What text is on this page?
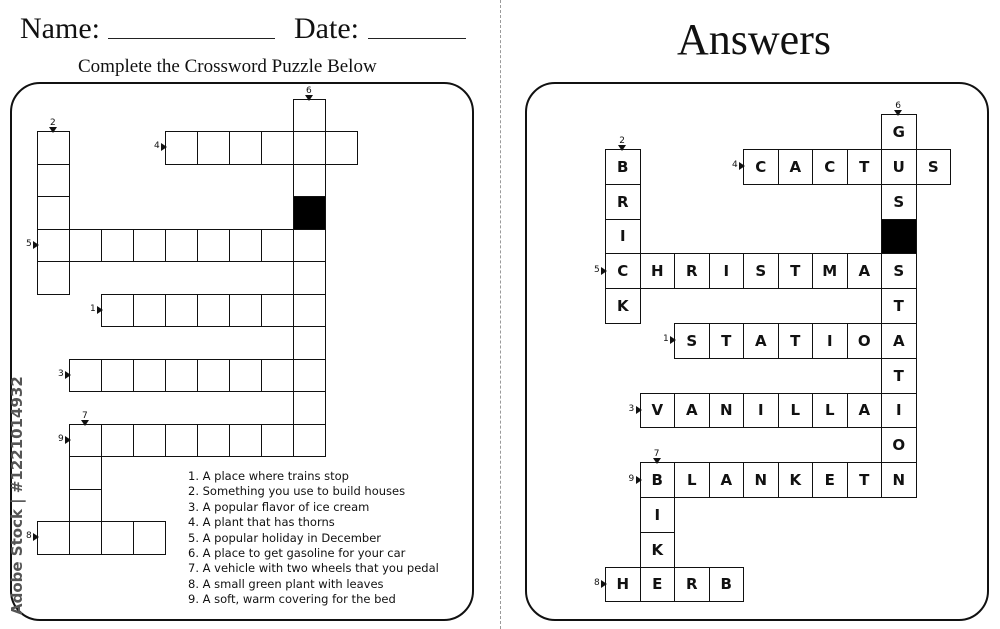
Name:	Date:
Complete the Crossword Puzzle Below
Answers
4
2
6
5
1
3
9
7
8
C	A	C	T	U	S
B
R
I
C
K
G
S
S
T
A
T
I
O
N
H	R	I	S	T	M	A
S	T	A	T	I	O
V	A	N	I	L	L	A
B	L	A	N	K	E	T
I
K
E
H	R	B
4
2
6
5
1
3
9
7
8
1. A place where trains stop
2. Something you use to build houses
3. A popular flavor of ice cream
4. A plant that has thorns
5. A popular holiday in December
6. A place to get gasoline for your car
7. A vehicle with two wheels that you pedal
8. A small green plant with leaves
9. A soft, warm covering for the bed
Adobe Stock | #1221014932
